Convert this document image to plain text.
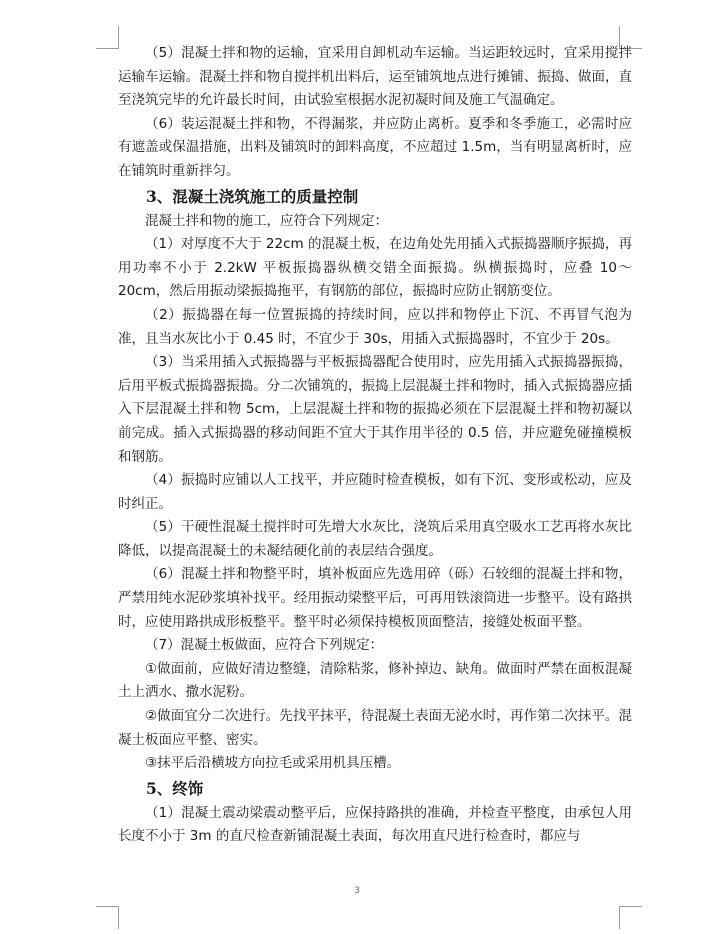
（5）混凝土拌和物的运输，宜采用自卸机动车运输。当运距较远时，宜采用搅拌运输车运输。混凝土拌和物自搅拌机出料后，运至铺筑地点进行摊铺、振捣、做面，直至浇筑完毕的允许最长时间，由试验室根据水泥初凝时间及施工气温确定。

（6）装运混凝土拌和物，不得漏浆，并应防止离析。夏季和冬季施工，必需时应有遮盖或保温措施，出料及铺筑时的卸料高度，不应超过 1.5m，当有明显离析时，应在铺筑时重新拌匀。

3、混凝土浇筑施工的质量控制

混凝土拌和物的施工，应符合下列规定：

（1）对厚度不大于 22cm 的混凝土板，在边角处先用插入式振捣器顺序振捣，再用功率不小于 2.2kW 平板振捣器纵横交错全面振捣。纵横振捣时，应叠 10～20cm，然后用振动梁振捣拖平，有钢筋的部位，振捣时应防止钢筋变位。

（2）振捣器在每一位置振捣的持续时间，应以拌和物停止下沉、不再冒气泡为准，且当水灰比小于 0.45 时，不宜少于 30s，用插入式振捣器时，不宜少于 20s。

（3）当采用插入式振捣器与平板振捣器配合使用时，应先用插入式振捣器振捣，后用平板式振捣器振捣。分二次铺筑的，振捣上层混凝土拌和物时，插入式振捣器应插入下层混凝土拌和物 5cm，上层混凝土拌和物的振捣必须在下层混凝土拌和物初凝以前完成。插入式振捣器的移动间距不宜大于其作用半径的 0.5 倍，并应避免碰撞模板和钢筋。

（4）振捣时应铺以人工找平，并应随时检查模板，如有下沉、变形或松动，应及时纠正。

（5）干硬性混凝土搅拌时可先增大水灰比，浇筑后采用真空吸水工艺再将水灰比降低，以提高混凝土的未凝结硬化前的表层结合强度。

（6）混凝土拌和物整平时，填补板面应先选用碎（砾）石较细的混凝土拌和物，严禁用纯水泥砂浆填补找平。经用振动梁整平后，可再用铁滚筒进一步整平。设有路拱时，应使用路拱成形板整平。整平时必须保持模板顶面整洁，接缝处板面平整。

（7）混凝土板做面，应符合下列规定：

①做面前，应做好清边整缝，清除粘浆，修补掉边、缺角。做面时严禁在面板混凝土上洒水、撒水泥粉。

②做面宜分二次进行。先找平抹平，待混凝土表面无泌水时，再作第二次抹平。混凝土板面应平整、密实。

③抹平后沿横坡方向拉毛或采用机具压槽。

5、终饰

（1）混凝土震动梁震动整平后，应保持路拱的准确，并检查平整度，由承包人用长度不小于 3m 的直尺检查新铺混凝土表面，每次用直尺进行检查时，都应与

3
